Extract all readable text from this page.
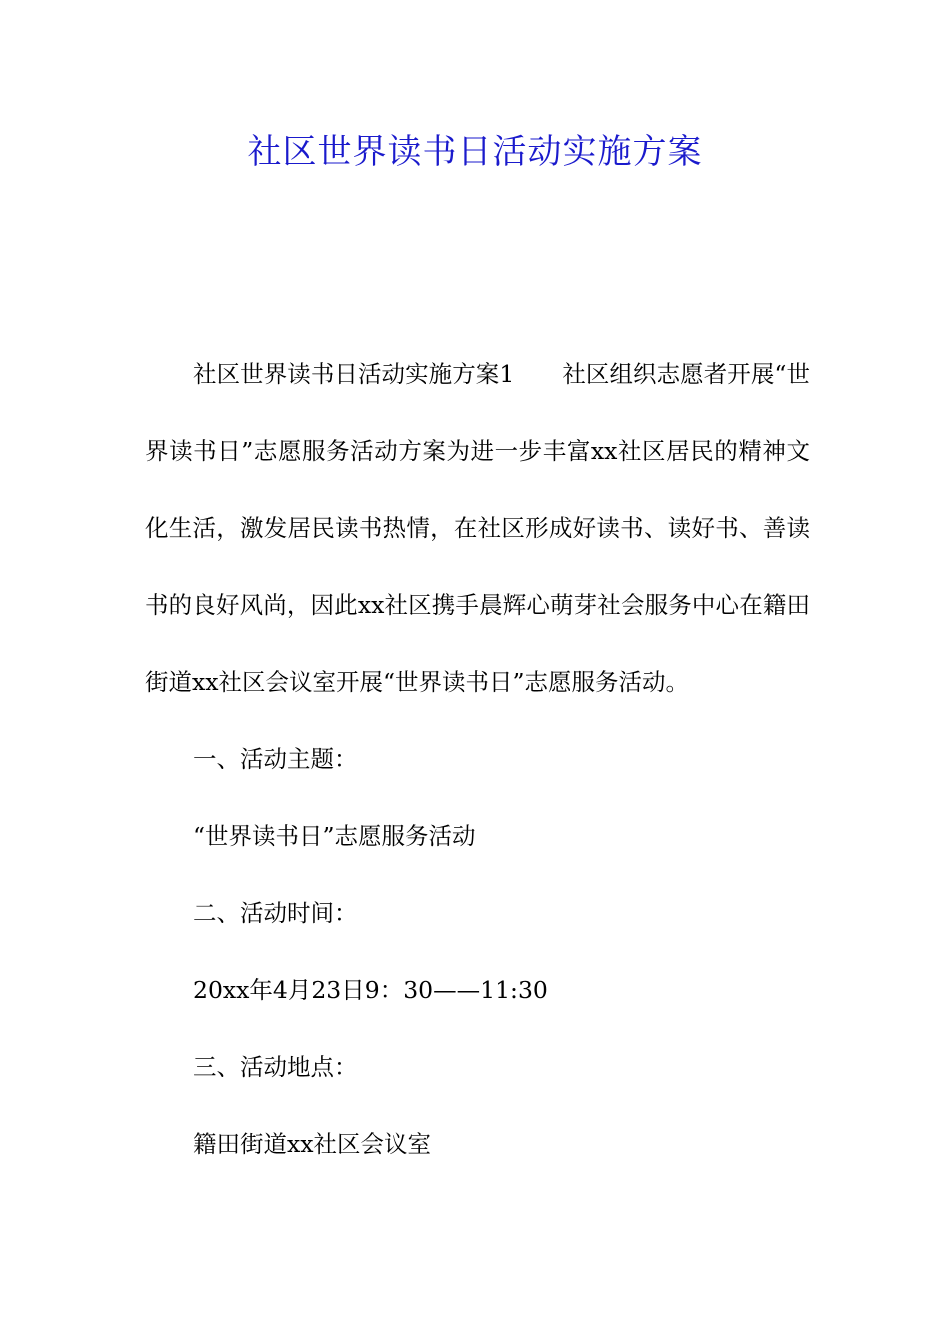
社区世界读书日活动实施方案

社区世界读书日活动实施方案1 社区组织志愿者开展“世界读书日”志愿服务活动方案为进一步丰富xx社区居民的精神文化生活，激发居民读书热情，在社区形成好读书、读好书、善读书的良好风尚，因此xx社区携手晨辉心萌芽社会服务中心在籍田街道xx社区会议室开展“世界读书日”志愿服务活动。

一、活动主题：

“世界读书日”志愿服务活动

二、活动时间：

20xx年4月23日9：30——11:30

三、活动地点：

籍田街道xx社区会议室
